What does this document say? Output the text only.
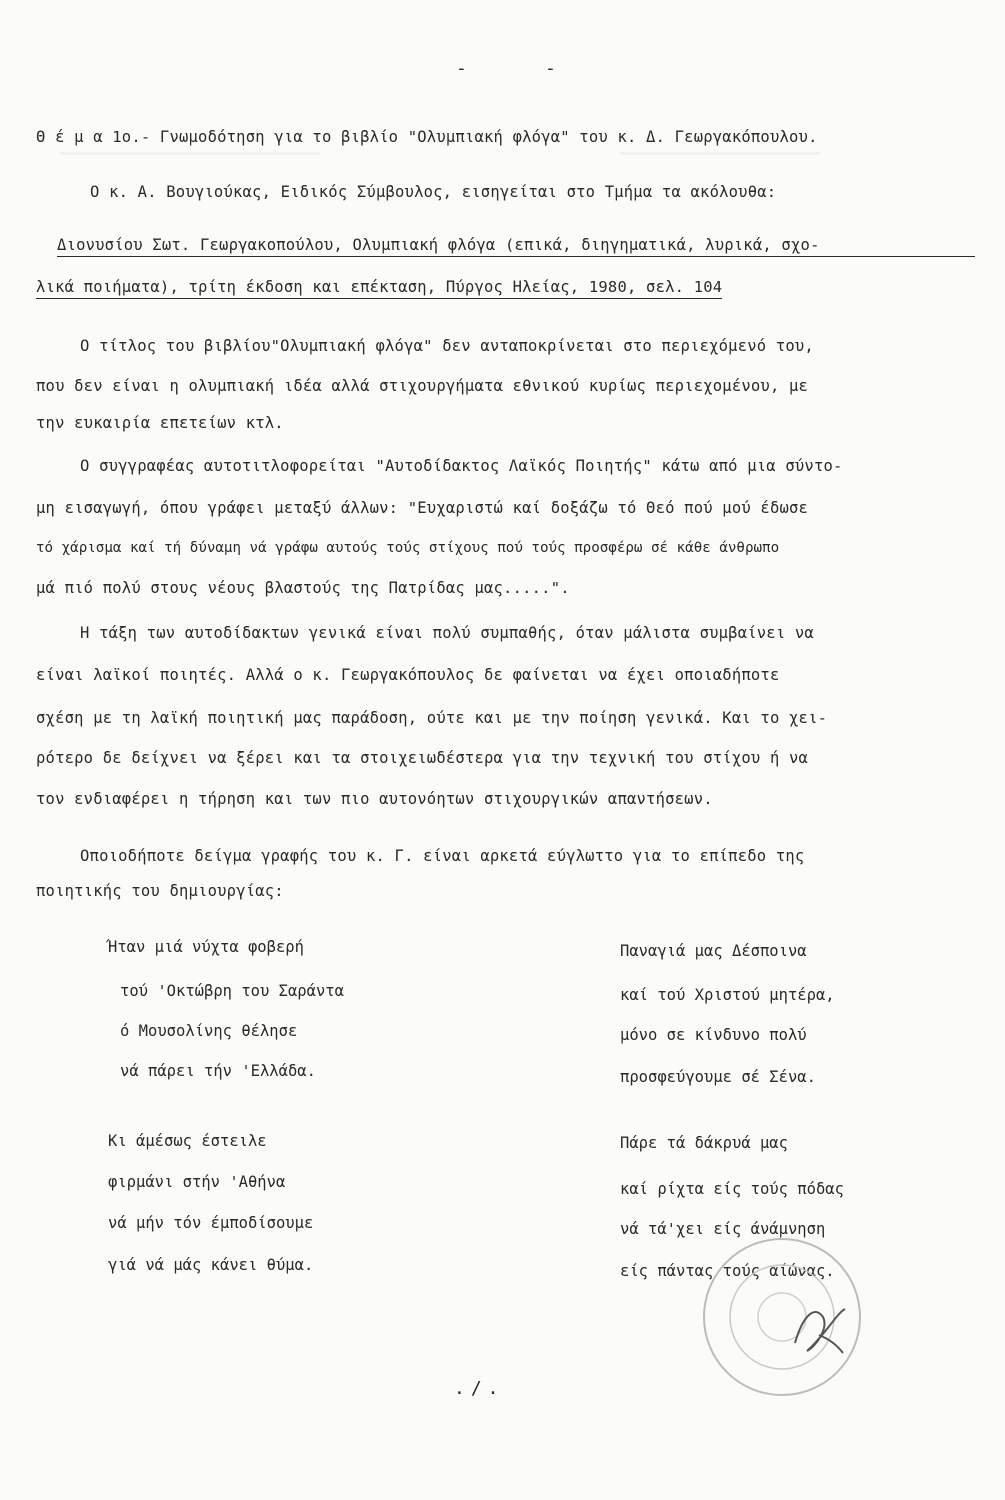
-	-
Θ έ μ α 1ο.- Γνωμοδότηση για το βιβλίο "Ολυμπιακή φλόγα" του κ. Δ. Γεωργακόπουλου.
Ο κ. Α. Βουγιούκας, Ειδικός Σύμβουλος, εισηγείται στο Τμήμα τα ακόλουθα:
Διονυσίου Σωτ. Γεωργακοπούλου, Ολυμπιακή φλόγα (επικά, διηγηματικά, λυρικά, σχο-
λικά ποιήματα), τρίτη έκδοση και επέκταση, Πύργος Ηλείας, 1980, σελ. 104
Ο τίτλος του βιβλίου"Ολυμπιακή φλόγα" δεν ανταποκρίνεται στο περιεχόμενό του,
που δεν είναι η ολυμπιακή ιδέα αλλά στιχουργήματα εθνικού κυρίως περιεχομένου, με
την ευκαιρία επετείων κτλ.
Ο συγγραφέας αυτοτιτλοφορείται "Αυτοδίδακτος Λαϊκός Ποιητής" κάτω από μια σύντο-
μη εισαγωγή, όπου γράφει μεταξύ άλλων: "Ευχαριστώ καί δοξάζω τό Θεό πού μού έδωσε
τό χάρισμα καί τή δύναμη νά γράφω αυτούς τούς στίχους πού τούς προσφέρω σέ κάθε άνθρωπο
μά πιό πολύ στους νέους βλαστούς της Πατρίδας μας.....".
Η τάξη των αυτοδίδακτων γενικά είναι πολύ συμπαθής, όταν μάλιστα συμβαίνει να
είναι λαϊκοί ποιητές. Αλλά ο κ. Γεωργακόπουλος δε φαίνεται να έχει οποιαδήποτε
σχέση με τη λαϊκή ποιητική μας παράδοση, ούτε και με την ποίηση γενικά. Και το χει-
ρότερο δε δείχνει να ξέρει και τα στοιχειωδέστερα για την τεχνική του στίχου ή να
τον ενδιαφέρει η τήρηση και των πιο αυτονόητων στιχουργικών απαντήσεων.
Οποιοδήποτε δείγμα γραφής του κ. Γ. είναι αρκετά εύγλωττο για το επίπεδο της
ποιητικής του δημιουργίας:
Ήταν μιά νύχτα φοβερή
τού 'Οκτώβρη του Σαράντα
ό Μουσολίνης θέλησε
νά πάρει τήν 'Ελλάδα.
Κι άμέσως έστειλε
φιρμάνι στήν 'Αθήνα
νά μήν τόν έμποδίσουμε
γιά νά μάς κάνει θύμα.
Παναγιά μας Δέσποινα
καί τού Χριστού μητέρα,
μόνο σε κίνδυνο πολύ
προσφεύγουμε σέ Σένα.
Πάρε τά δάκρυά μας
καί ρίχτα είς τούς πόδας
νά τά'χει είς άνάμνηση
είς πάντας τούς αίώνας.
./.
